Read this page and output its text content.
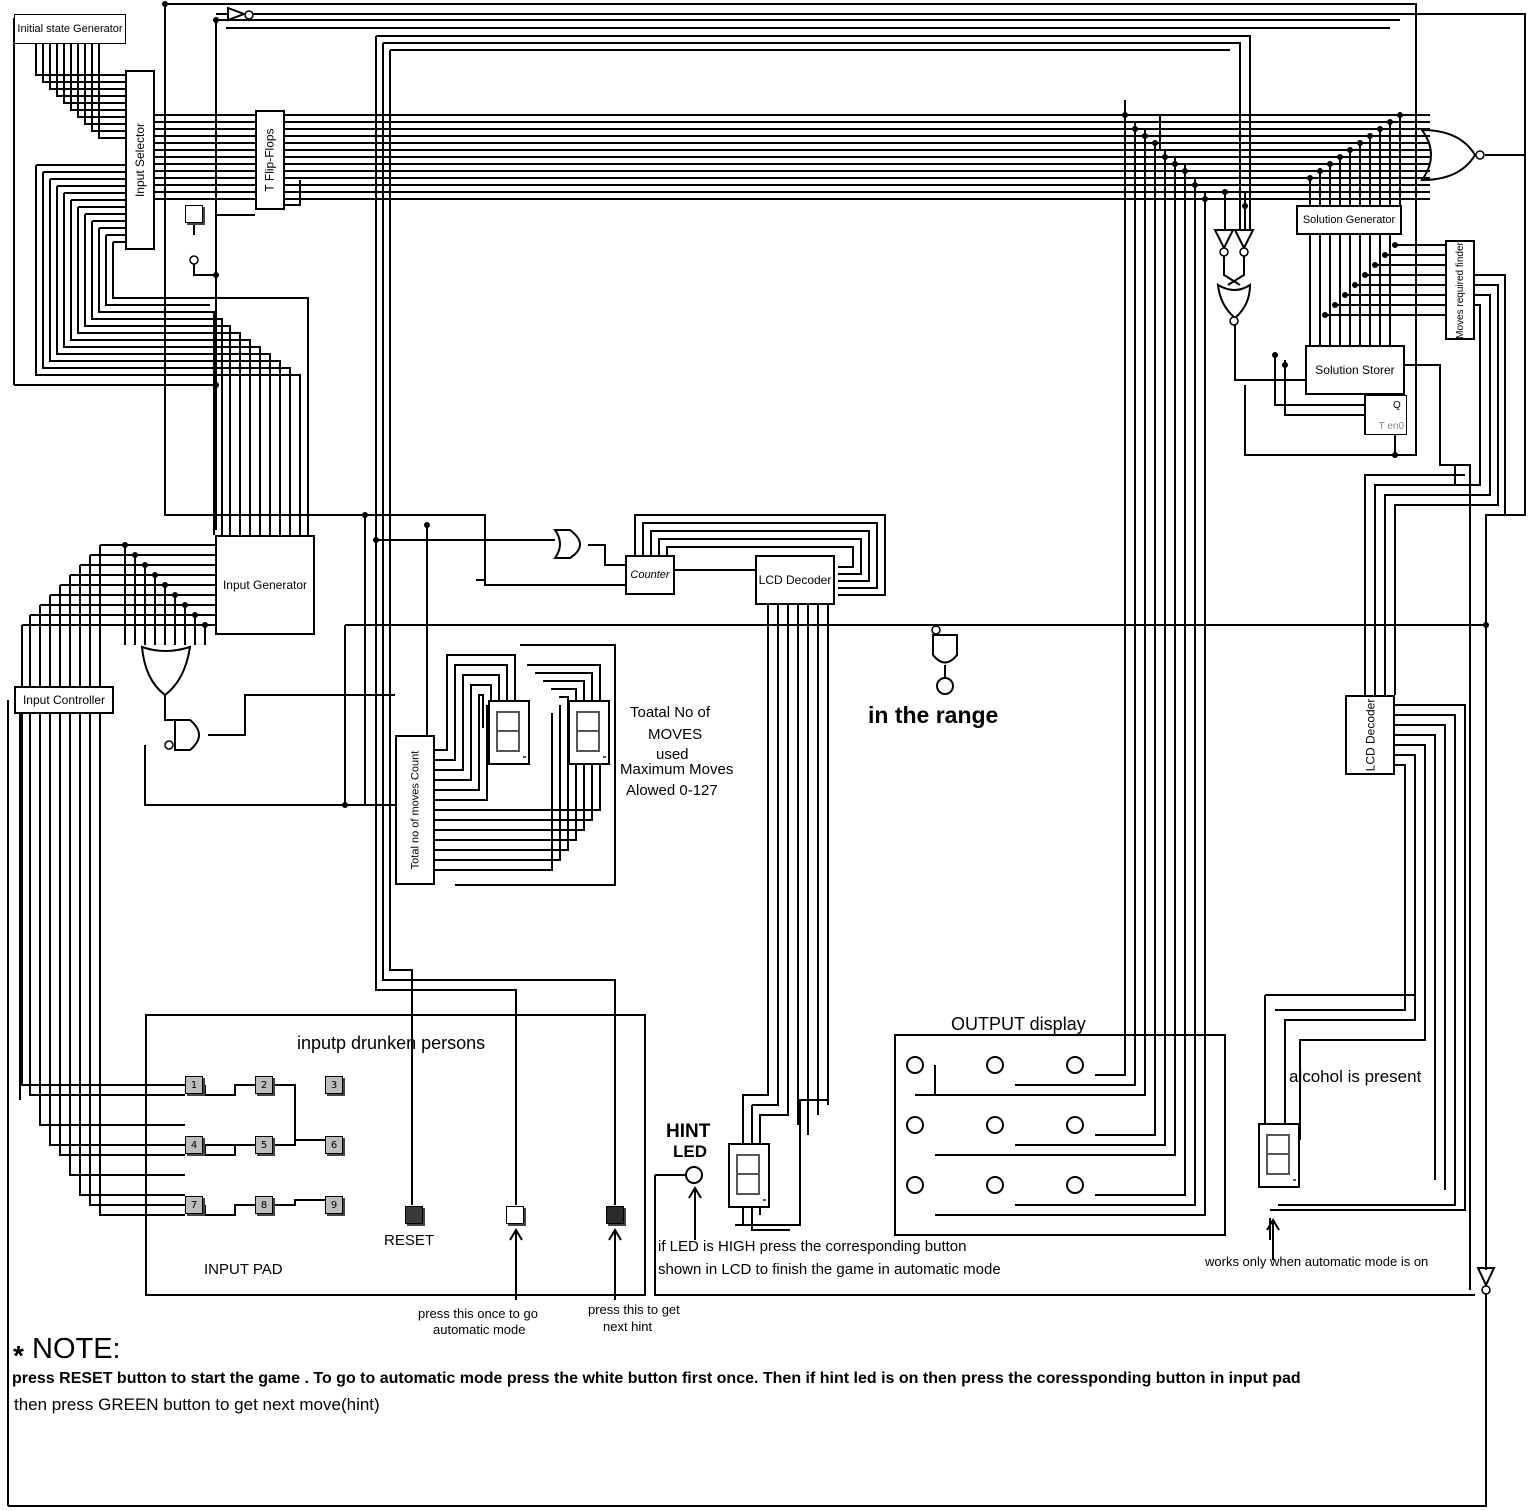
Initial state Generator
Input Selector	T Flip-Flops
Input Generator
Input Controller
Counter	LCD Decoder
Total no of moves Count
Solution Generator
Solution Storer
Moves required finder
LCD Decoder
T en0
Q
1	2	3
4	5	6
7	8	9
Toatal No of
MOVES
used
Maximum Moves
Alowed 0-127
in the range
inputp drunken persons
INPUT PAD
RESET
OUTPUT display
alcohol is present
HINT
LED
if LED is HIGH press the corresponding button
shown in LCD to finish the game in automatic mode
press this once to go
automatic mode
press this to get
next hint
works only when automatic mode is on
* NOTE:
press RESET button to start the game . To go to automatic mode press the white button first once. Then if hint led is on then press the coressponding button in input pad
then press GREEN button to get next move(hint)
